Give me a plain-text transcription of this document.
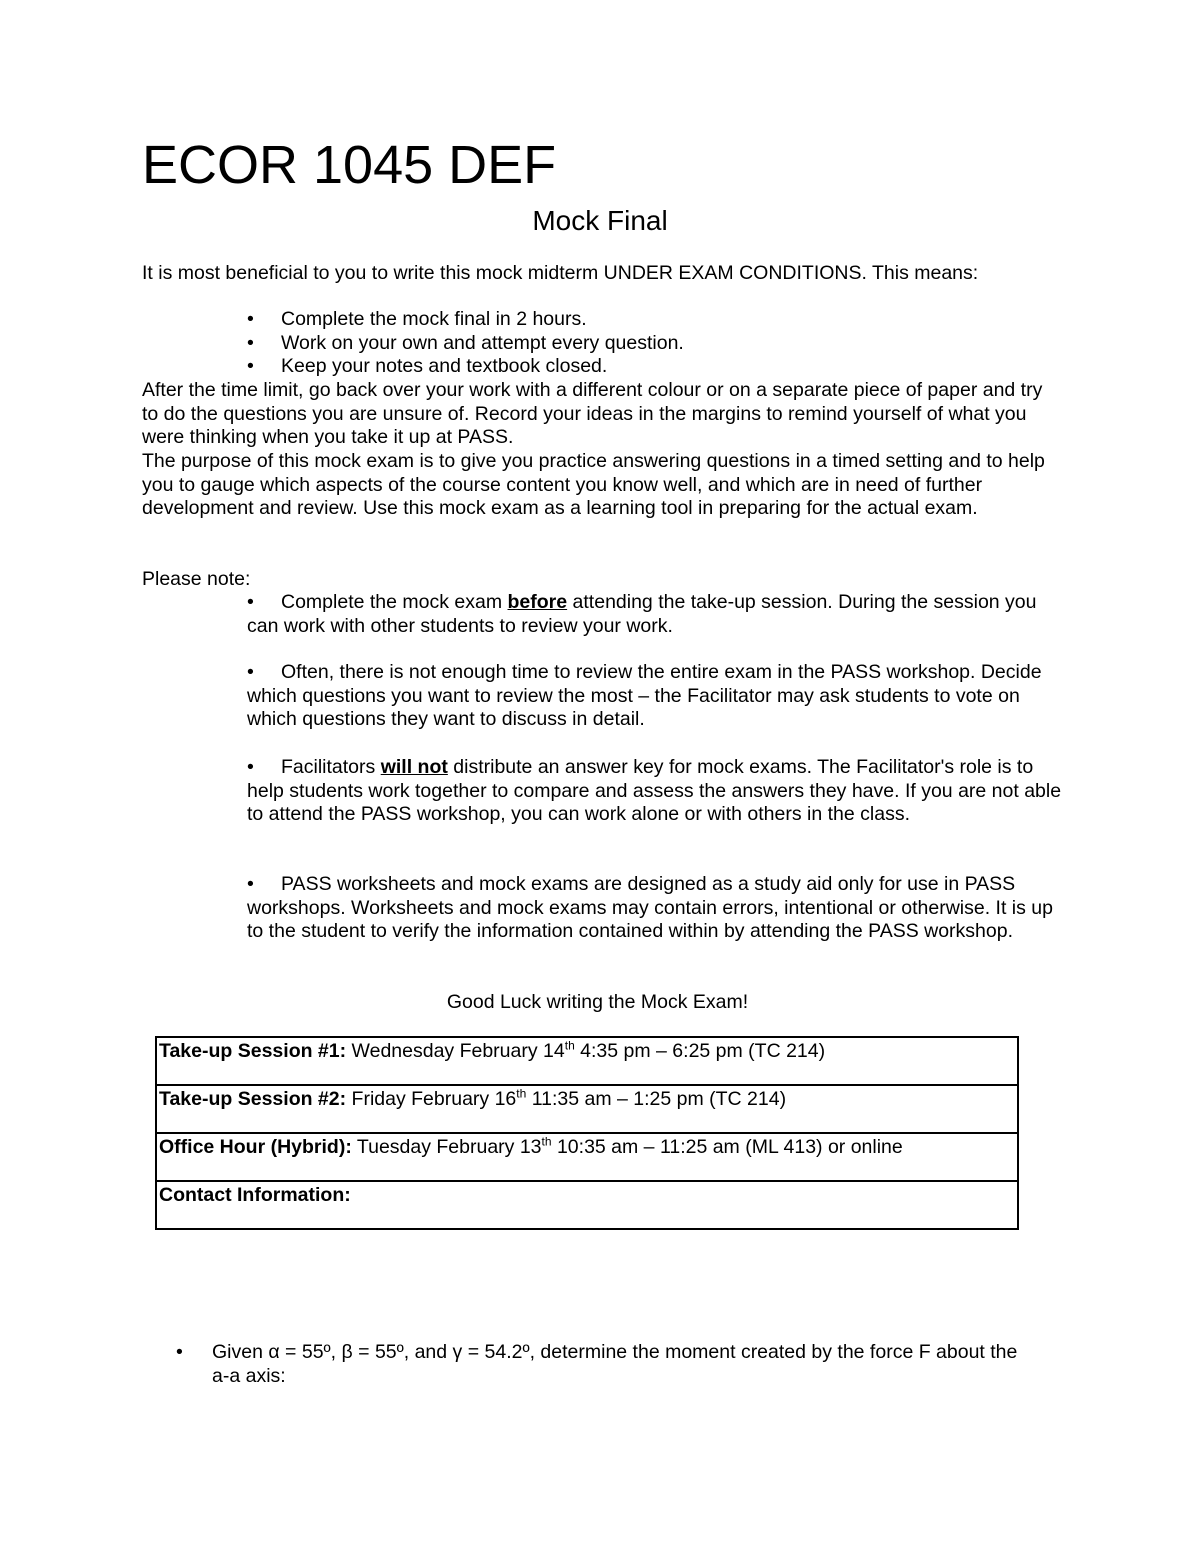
ECOR 1045 DEF
Mock Final
It is most beneficial to you to write this mock midterm UNDER EXAM CONDITIONS. This means:
•	Complete the mock final in 2 hours.
•	Work on your own and attempt every question.
•	Keep your notes and textbook closed.
After the time limit, go back over your work with a different colour or on a separate piece of paper and try to do the questions you are unsure of. Record your ideas in the margins to remind yourself of what you were thinking when you take it up at PASS.
The purpose of this mock exam is to give you practice answering questions in a timed setting and to help you to gauge which aspects of the course content you know well, and which are in need of further development and review. Use this mock exam as a learning tool in preparing for the actual exam.
Please note:
• Complete the mock exam before attending the take-up session. During the session you can work with other students to review your work.
• Often, there is not enough time to review the entire exam in the PASS workshop. Decide which questions you want to review the most – the Facilitator may ask students to vote on which questions they want to discuss in detail.
• Facilitators will not distribute an answer key for mock exams. The Facilitator's role is to help students work together to compare and assess the answers they have. If you are not able to attend the PASS workshop, you can work alone or with others in the class.
• PASS worksheets and mock exams are designed as a study aid only for use in PASS workshops. Worksheets and mock exams may contain errors, intentional or otherwise. It is up to the student to verify the information contained within by attending the PASS workshop.
Good Luck writing the Mock Exam!
Take-up Session #1: Wednesday February 14th 4:35 pm – 6:25 pm (TC 214)
Take-up Session #2: Friday February 16th 11:35 am – 1:25 pm (TC 214)
Office Hour (Hybrid): Tuesday February 13th 10:35 am – 11:25 am (ML 413) or online
Contact Information:
•	Given α = 55º, β = 55º, and γ = 54.2º, determine the moment created by the force F about the a-a axis:
